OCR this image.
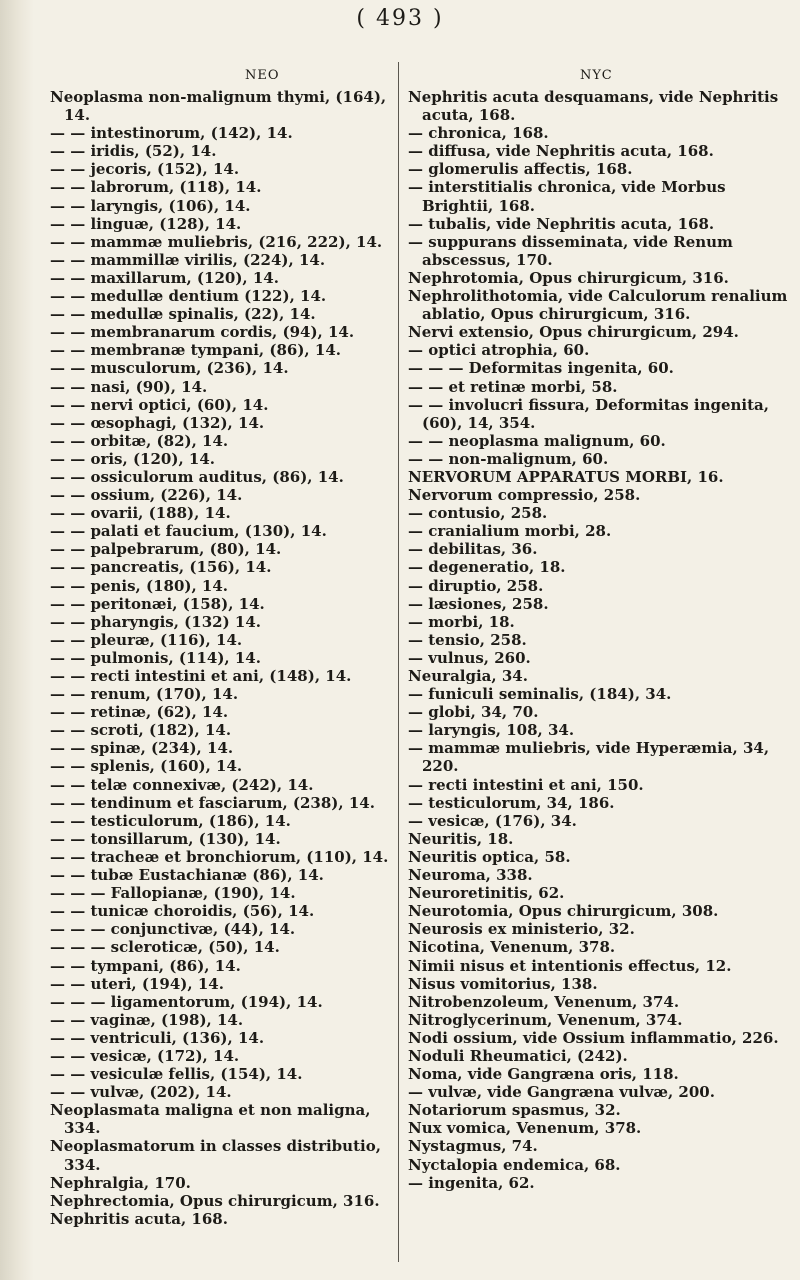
( 493 )
NEO	NYC
Neoplasma non-malignum thymi, (164), 14.
— — intestinorum, (142), 14.
— — iridis, (52), 14.
— — jecoris, (152), 14.
— — labrorum, (118), 14.
— — laryngis, (106), 14.
— — linguæ, (128), 14.
— — mammæ muliebris, (216, 222), 14.
— — mammillæ virilis, (224), 14.
— — maxillarum, (120), 14.
— — medullæ dentium (122), 14.
— — medullæ spinalis, (22), 14.
— — membranarum cordis, (94), 14.
— — membranæ tympani, (86), 14.
— — musculorum, (236), 14.
— — nasi, (90), 14.
— — nervi optici, (60), 14.
— — œsophagi, (132), 14.
— — orbitæ, (82), 14.
— — oris, (120), 14.
— — ossiculorum auditus, (86), 14.
— — ossium, (226), 14.
— — ovarii, (188), 14.
— — palati et faucium, (130), 14.
— — palpebrarum, (80), 14.
— — pancreatis, (156), 14.
— — penis, (180), 14.
— — peritonæi, (158), 14.
— — pharyngis, (132) 14.
— — pleuræ, (116), 14.
— — pulmonis, (114), 14.
— — recti intestini et ani, (148), 14.
— — renum, (170), 14.
— — retinæ, (62), 14.
— — scroti, (182), 14.
— — spinæ, (234), 14.
— — splenis, (160), 14.
— — telæ connexivæ, (242), 14.
— — tendinum et fasciarum, (238), 14.
— — testiculorum, (186), 14.
— — tonsillarum, (130), 14.
— — tracheæ et bronchiorum, (110), 14.
— — tubæ Eustachianæ (86), 14.
— — — Fallopianæ, (190), 14.
— — tunicæ choroidis, (56), 14.
— — — conjunctivæ, (44), 14.
— — — scleroticæ, (50), 14.
— — tympani, (86), 14.
— — uteri, (194), 14.
— — — ligamentorum, (194), 14.
— — vaginæ, (198), 14.
— — ventriculi, (136), 14.
— — vesicæ, (172), 14.
— — vesiculæ fellis, (154), 14.
— — vulvæ, (202), 14.
Neoplasmata maligna et non maligna, 334.
Neoplasmatorum in classes distributio, 334.
Nephralgia, 170.
Nephrectomia, Opus chirurgicum, 316.
Nephritis acuta, 168.
Nephritis acuta desquamans, vide Nephritis acuta, 168.
— chronica, 168.
— diffusa, vide Nephritis acuta, 168.
— glomerulis affectis, 168.
— interstitialis chronica, vide Morbus Brightii, 168.
— tubalis, vide Nephritis acuta, 168.
— suppurans disseminata, vide Renum abscessus, 170.
Nephrotomia, Opus chirurgicum, 316.
Nephrolithotomia, vide Calculorum renalium ablatio, Opus chirurgicum, 316.
Nervi extensio, Opus chirurgicum, 294.
— optici atrophia, 60.
— — — Deformitas ingenita, 60.
— — et retinæ morbi, 58.
— — involucri fissura, Deformitas ingenita, (60), 14, 354.
— — neoplasma malignum, 60.
— — non-malignum, 60.
NERVORUM APPARATUS MORBI, 16.
Nervorum compressio, 258.
— contusio, 258.
— cranialium morbi, 28.
— debilitas, 36.
— degeneratio, 18.
— diruptio, 258.
— læsiones, 258.
— morbi, 18.
— tensio, 258.
— vulnus, 260.
Neuralgia, 34.
— funiculi seminalis, (184), 34.
— globi, 34, 70.
— laryngis, 108, 34.
— mammæ muliebris, vide Hyperæmia, 34, 220.
— recti intestini et ani, 150.
— testiculorum, 34, 186.
— vesicæ, (176), 34.
Neuritis, 18.
Neuritis optica, 58.
Neuroma, 338.
Neuroretinitis, 62.
Neurotomia, Opus chirurgicum, 308.
Neurosis ex ministerio, 32.
Nicotina, Venenum, 378.
Nimii nisus et intentionis effectus, 12.
Nisus vomitorius, 138.
Nitrobenzoleum, Venenum, 374.
Nitroglycerinum, Venenum, 374.
Nodi ossium, vide Ossium inflammatio, 226.
Noduli Rheumatici, (242).
Noma, vide Gangræna oris, 118.
— vulvæ, vide Gangræna vulvæ, 200.
Notariorum spasmus, 32.
Nux vomica, Venenum, 378.
Nystagmus, 74.
Nyctalopia endemica, 68.
— ingenita, 62.
